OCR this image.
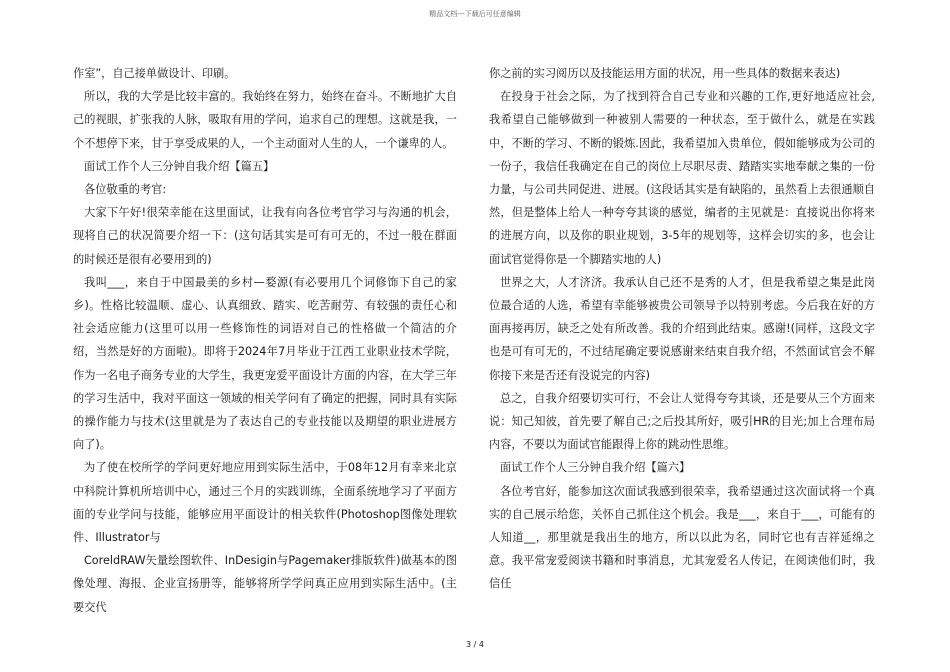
精品文档---下载后可任意编辑

作室”，自己接单做设计、印刷。

所以，我的大学是比较丰富的。我始终在努力，始终在奋斗。不断地扩大自己的视眼，扩张我的人脉，吸取有用的学问，追求自己的理想。这就是我，一个不想停下来，甘于享受成果的人，一个主动面对人生的人，一个谦卑的人。

面试工作个人三分钟自我介绍【篇五】

各位敬重的考官:

大家下午好!很荣幸能在这里面试，让我有向各位考官学习与沟通的机会，现将自己的状况简要介绍一下：(这句话其实是可有可无的，不过一般在群面的时候还是很有必要用到的)

我叫___，来自于中国最美的乡村—婺源(有必要用几个词修饰下自己的家乡)。性格比较温顺、虚心、认真细致、踏实、吃苦耐劳、有较强的责任心和社会适应能力(这里可以用一些修饰性的词语对自己的性格做一个简洁的介绍，当然是好的方面啦)。即将于2024年7月毕业于江西工业职业技术学院，作为一名电子商务专业的大学生，我更宠爱平面设计方面的内容，在大学三年的学习生活中，我对平面这一领域的相关学问有了确定的把握，同时具有实际的操作能力与技术(这里就是为了表达自己的专业技能以及期望的职业进展方向了)。

为了使在校所学的学问更好地应用到实际生活中，于08年12月有幸来北京中科院计算机所培训中心，通过三个月的实践训练，全面系统地学习了平面方面的专业学问与技能，能够应用平面设计的相关软件(Photoshop图像处理软件、Illustrator与

CoreldRAW矢量绘图软件、InDesigin与Pagemaker排版软件)做基本的图像处理、海报、企业宣扬册等，能够将所学学问真正应用到实际生活中。(主要交代

你之前的实习阅历以及技能运用方面的状况，用一些具体的数据来表达)

在投身于社会之际，为了找到符合自己专业和兴趣的工作,更好地适应社会,我希望自己能够做到一种被别人需要的一种状态，至于做什么，就是在实践中，不断的学习、不断的锻炼.因此，我希望加入贵单位，假如能够成为公司的一份子，我信任我确定在自己的岗位上尽职尽责、踏踏实实地奉献之集的一份力量，与公司共同促进、进展。(这段话其实是有缺陷的，虽然看上去很通顺自然，但是整体上给人一种夸夸其谈的感觉，编者的主见就是：直接说出你将来的进展方向，以及你的职业规划，3-5年的规划等，这样会切实的多，也会让面试官觉得你是一个脚踏实地的人)

世界之大，人才济济。我承认自己还不是秀的人才，但是我希望之集是此岗位最合适的人选，希望有幸能够被贵公司领导予以特别考虑。今后我在好的方面再接再厉，缺乏之处有所改善。我的介绍到此结束。感谢!(同样，这段文字也是可有可无的，不过结尾确定要说感谢来结束自我介绍，不然面试官会不解你接下来是否还有没说完的内容)

总之，自我介绍要切实可行，不会让人觉得夸夸其谈，还是要从三个方面来说：知己知彼，首先要了解自己;之后投其所好，吸引HR的目光;加上合理布局内容，不要以为面试官能跟得上你的跳动性思维。

面试工作个人三分钟自我介绍【篇六】

各位考官好，能参加这次面试我感到很荣幸，我希望通过这次面试将一个真实的自己展示给您，关怀自己抓住这个机会。我是___，来自于___，可能有的人知道__，那里就是我出生的地方，所以以此为名，同时它也有吉祥延绵之意。我平常宠爱阅读书籍和时事消息，尤其宠爱名人传记，在阅读他们时，我信任

3 / 4
